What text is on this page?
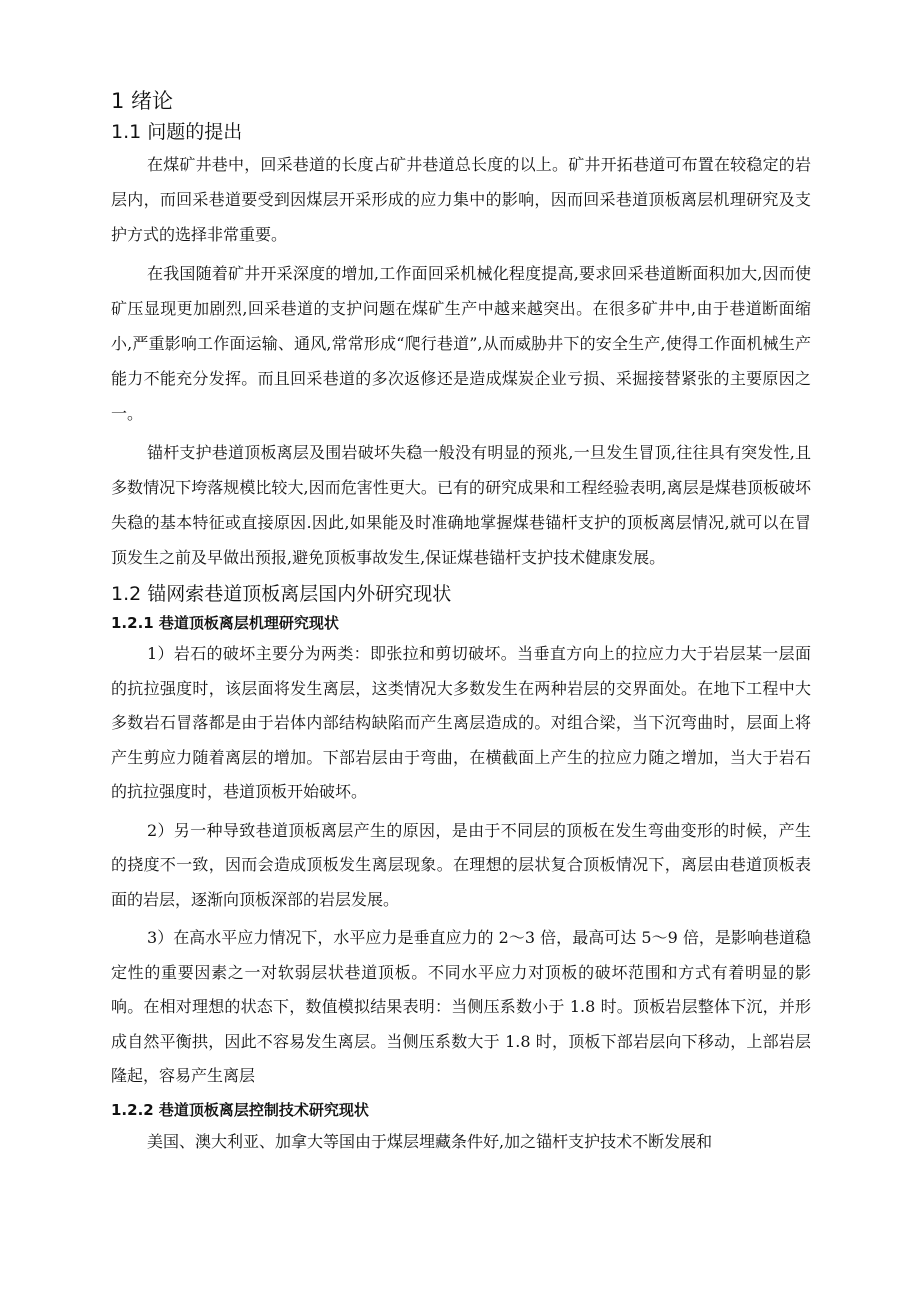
1 绪论
1.1 问题的提出

在煤矿井巷中，回采巷道的长度占矿井巷道总长度的以上。矿井开拓巷道可布置在较稳定的岩层内，而回采巷道要受到因煤层开采形成的应力集中的影响，因而回采巷道顶板离层机理研究及支护方式的选择非常重要。

在我国随着矿井开采深度的增加,工作面回采机械化程度提高,要求回采巷道断面积加大,因而使矿压显现更加剧烈,回采巷道的支护问题在煤矿生产中越来越突出。在很多矿井中,由于巷道断面缩小,严重影响工作面运输、通风,常常形成“爬行巷道”,从而威胁井下的安全生产,使得工作面机械生产能力不能充分发挥。而且回采巷道的多次返修还是造成煤炭企业亏损、采掘接替紧张的主要原因之一。

锚杆支护巷道顶板离层及围岩破坏失稳一般没有明显的预兆,一旦发生冒顶,往往具有突发性,且多数情况下垮落规模比较大,因而危害性更大。已有的研究成果和工程经验表明,离层是煤巷顶板破坏失稳的基本特征或直接原因.因此,如果能及时准确地掌握煤巷锚杆支护的顶板离层情况,就可以在冒顶发生之前及早做出预报,避免顶板事故发生,保证煤巷锚杆支护技术健康发展。

1.2 锚网索巷道顶板离层国内外研究现状
1.2.1 巷道顶板离层机理研究现状

1）岩石的破坏主要分为两类：即张拉和剪切破坏。当垂直方向上的拉应力大于岩层某一层面的抗拉强度时，该层面将发生离层，这类情况大多数发生在两种岩层的交界面处。在地下工程中大多数岩石冒落都是由于岩体内部结构缺陷而产生离层造成的。对组合梁，当下沉弯曲时，层面上将产生剪应力随着离层的增加。下部岩层由于弯曲，在横截面上产生的拉应力随之增加，当大于岩石的抗拉强度时，巷道顶板开始破坏。

2）另一种导致巷道顶板离层产生的原因，是由于不同层的顶板在发生弯曲变形的时候，产生的挠度不一致，因而会造成顶板发生离层现象。在理想的层状复合顶板情况下，离层由巷道顶板表面的岩层，逐渐向顶板深部的岩层发展。

3）在高水平应力情况下，水平应力是垂直应力的 2～3 倍，最高可达 5～9 倍，是影响巷道稳定性的重要因素之一对软弱层状巷道顶板。不同水平应力对顶板的破坏范围和方式有着明显的影响。在相对理想的状态下，数值模拟结果表明：当侧压系数小于 1.8 时。顶板岩层整体下沉，并形成自然平衡拱，因此不容易发生离层。当侧压系数大于 1.8 时，顶板下部岩层向下移动，上部岩层隆起，容易产生离层

1.2.2 巷道顶板离层控制技术研究现状

美国、澳大利亚、加拿大等国由于煤层埋藏条件好,加之锚杆支护技术不断发展和
